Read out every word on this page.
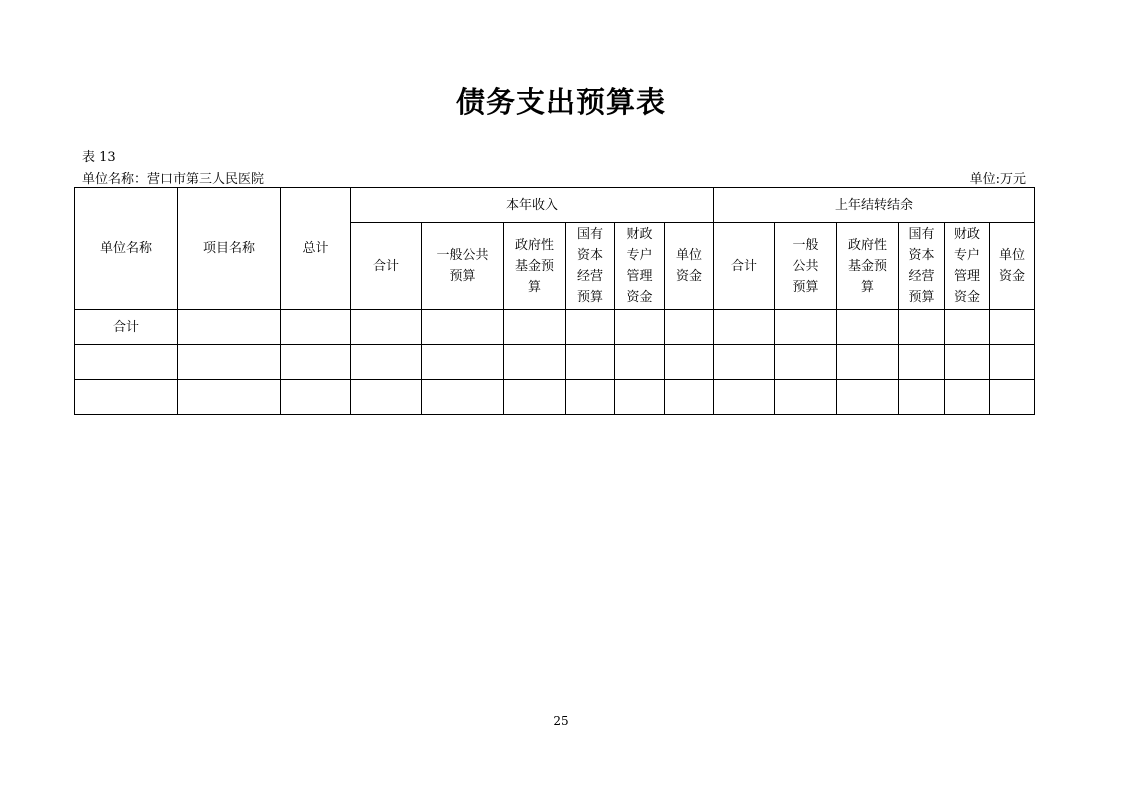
债务支出预算表
表 13
单位名称：营口市第三人民医院	单位:万元
单位名称	项目名称	总计	本年收入						上年结转结余					
			合计	一般公共预算	政府性基金预算	国有资本经营预算	财政专户管理资金	单位资金	合计	一般公共预算	政府性基金预算	国有资本经营预算	财政专户管理资金	单位资金
合计														

25
